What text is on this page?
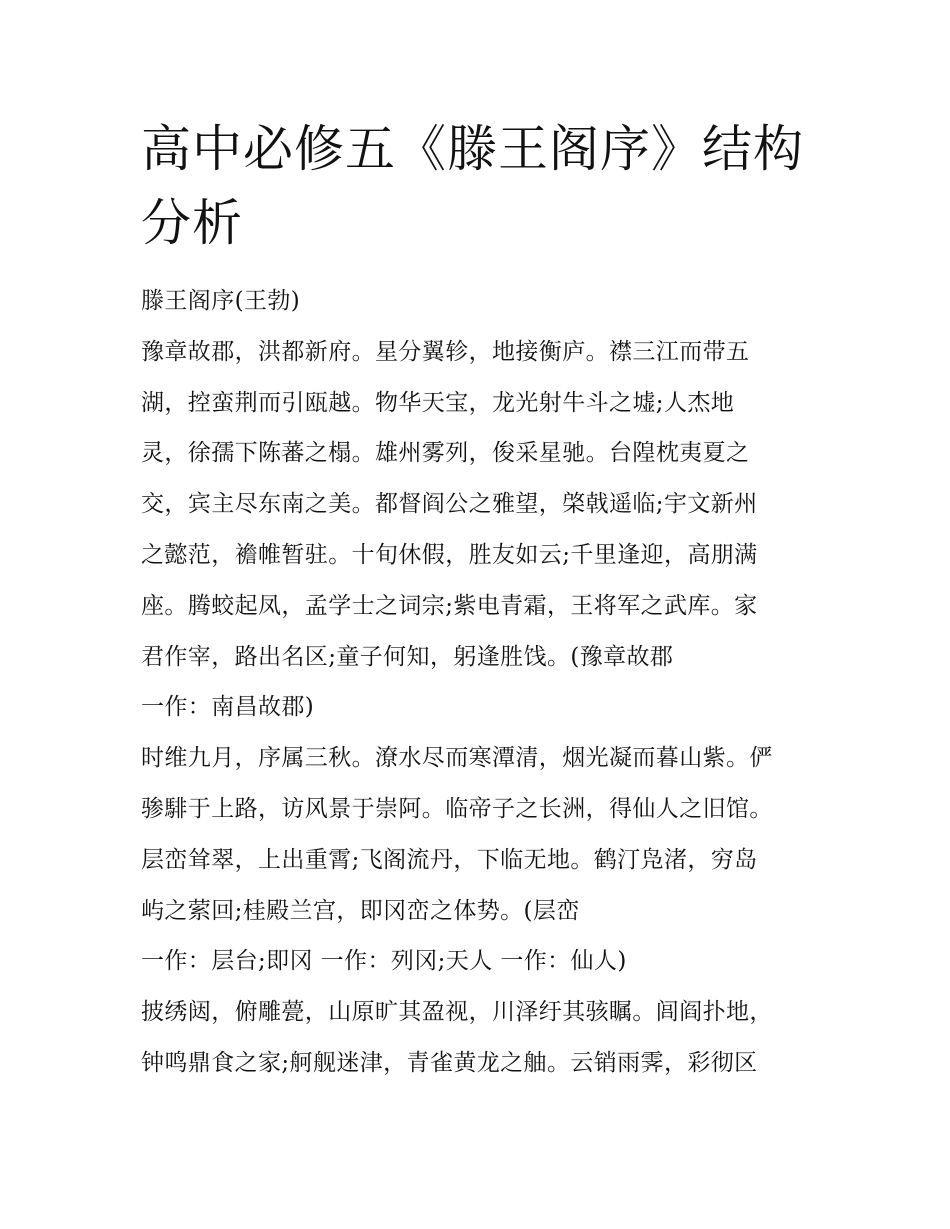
高中必修五《滕王阁序》结构
分析
滕王阁序(王勃)
豫章故郡，洪都新府。星分翼轸，地接衡庐。襟三江而带五
湖，控蛮荆而引瓯越。物华天宝，龙光射牛斗之墟;人杰地
灵，徐孺下陈蕃之榻。雄州雾列，俊采星驰。台隍枕夷夏之
交，宾主尽东南之美。都督阎公之雅望，棨戟遥临;宇文新州
之懿范，襜帷暂驻。十旬休假，胜友如云;千里逢迎，高朋满
座。腾蛟起凤，孟学士之词宗;紫电青霜，王将军之武库。家
君作宰，路出名区;童子何知，躬逢胜饯。(豫章故郡
一作：南昌故郡)
时维九月，序属三秋。潦水尽而寒潭清，烟光凝而暮山紫。俨
骖騑于上路，访风景于崇阿。临帝子之长洲，得仙人之旧馆。
层峦耸翠，上出重霄;飞阁流丹，下临无地。鹤汀凫渚，穷岛
屿之萦回;桂殿兰宫，即冈峦之体势。(层峦
一作：层台;即冈 一作：列冈;天人 一作：仙人)
披绣闼，俯雕甍，山原旷其盈视，川泽纡其骇瞩。闾阎扑地，
钟鸣鼎食之家;舸舰迷津，青雀黄龙之舳。云销雨霁，彩彻区
